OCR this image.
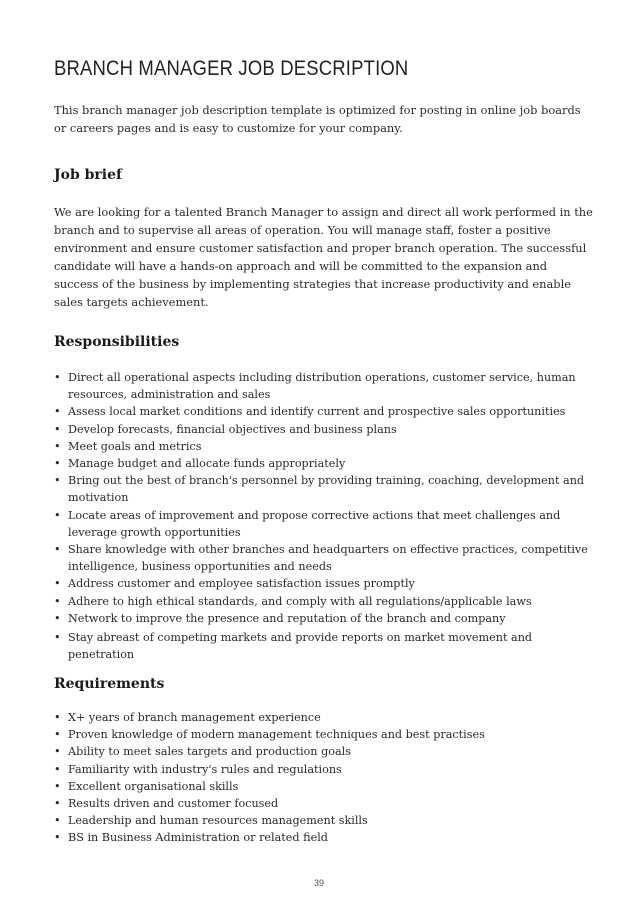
BRANCH MANAGER JOB DESCRIPTION

This branch manager job description template is optimized for posting in online job boards or careers pages and is easy to customize for your company.

Job brief

We are looking for a talented Branch Manager to assign and direct all work performed in the branch and to supervise all areas of operation. You will manage staff, foster a positive environment and ensure customer satisfaction and proper branch operation. The successful candidate will have a hands-on approach and will be committed to the expansion and success of the business by implementing strategies that increase productivity and enable sales targets achievement.

Responsibilities
• Direct all operational aspects including distribution operations, customer service, human resources, administration and sales
• Assess local market conditions and identify current and prospective sales opportunities
• Develop forecasts, financial objectives and business plans
• Meet goals and metrics
• Manage budget and allocate funds appropriately
• Bring out the best of branch's personnel by providing training, coaching, development and motivation
• Locate areas of improvement and propose corrective actions that meet challenges and leverage growth opportunities
• Share knowledge with other branches and headquarters on effective practices, competitive intelligence, business opportunities and needs
• Address customer and employee satisfaction issues promptly
• Adhere to high ethical standards, and comply with all regulations/applicable laws
• Network to improve the presence and reputation of the branch and company
• Stay abreast of competing markets and provide reports on market movement and penetration
Requirements
• X+ years of branch management experience
• Proven knowledge of modern management techniques and best practises
• Ability to meet sales targets and production goals
• Familiarity with industry's rules and regulations
• Excellent organisational skills
• Results driven and customer focused
• Leadership and human resources management skills
• BS in Business Administration or related field
39
